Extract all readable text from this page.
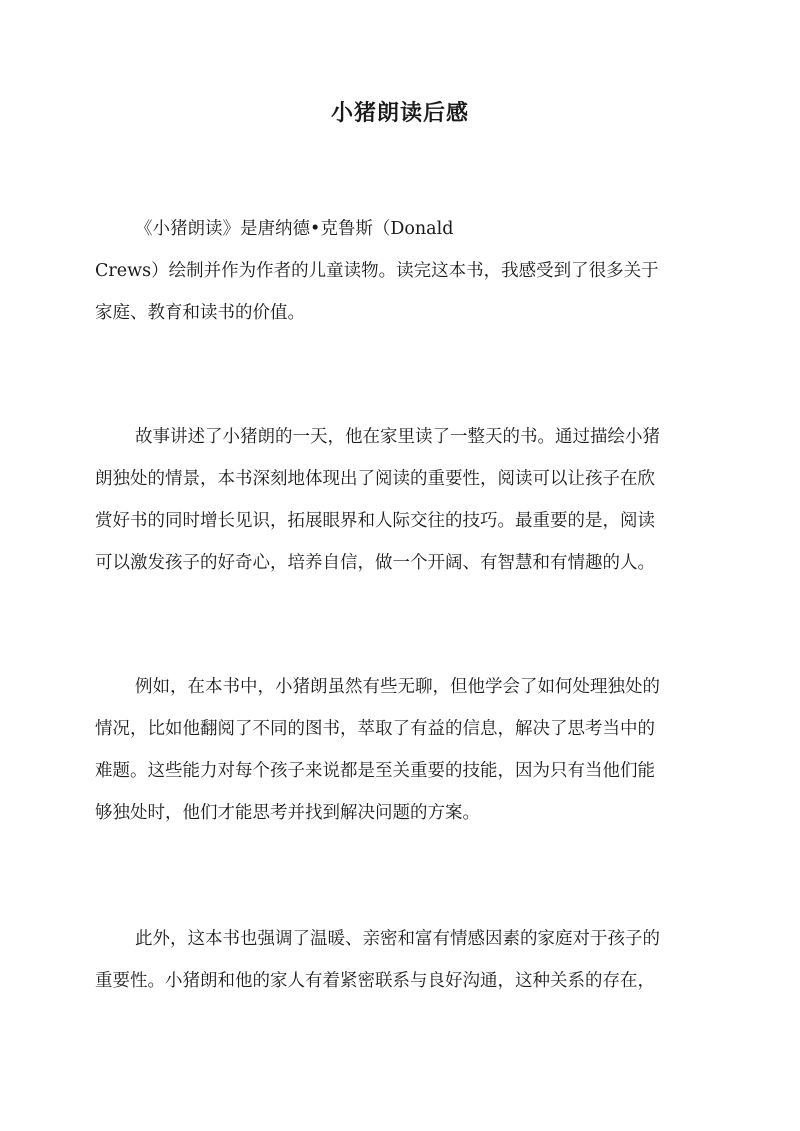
小猪朗读后感

《小猪朗读》是唐纳德•克鲁斯（Donald
Crews）绘制并作为作者的儿童读物。读完这本书，我感受到了很多关于
家庭、教育和读书的价值。

故事讲述了小猪朗的一天，他在家里读了一整天的书。通过描绘小猪
朗独处的情景，本书深刻地体现出了阅读的重要性，阅读可以让孩子在欣
赏好书的同时增长见识，拓展眼界和人际交往的技巧。最重要的是，阅读
可以激发孩子的好奇心，培养自信，做一个开阔、有智慧和有情趣的人。

例如，在本书中，小猪朗虽然有些无聊，但他学会了如何处理独处的
情况，比如他翻阅了不同的图书，萃取了有益的信息，解决了思考当中的
难题。这些能力对每个孩子来说都是至关重要的技能，因为只有当他们能
够独处时，他们才能思考并找到解决问题的方案。

此外，这本书也强调了温暖、亲密和富有情感因素的家庭对于孩子的
重要性。小猪朗和他的家人有着紧密联系与良好沟通，这种关系的存在，
